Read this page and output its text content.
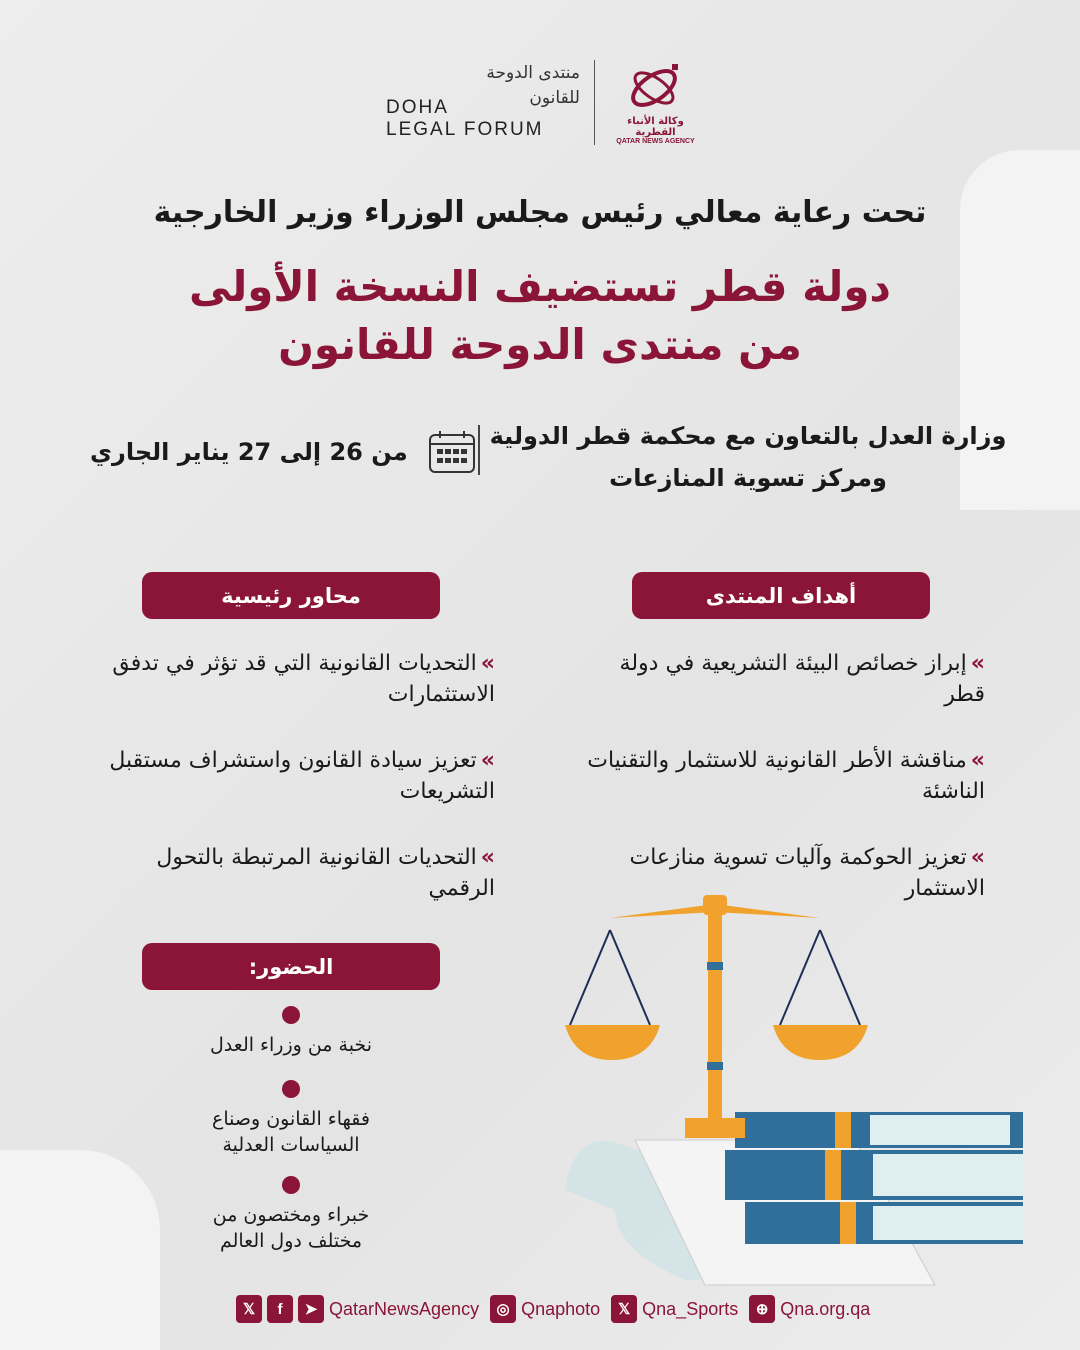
منتدى الدوحة
للقانون
DOHA
LEGAL FORUM	وكالة الأنباء القطرية
QATAR NEWS AGENCY
تحت رعاية معالي رئيس مجلس الوزراء وزير الخارجية
دولة قطر تستضيف النسخة الأولى
من منتدى الدوحة للقانون
وزارة العدل بالتعاون مع محكمة قطر الدولية
ومركز تسوية المنازعات
من 26 إلى 27 يناير الجاري
أهداف المنتدى
محاور رئيسية
»إبراز خصائص البيئة التشريعية في دولة قطر
»مناقشة الأطر القانونية للاستثمار والتقنيات الناشئة
»تعزيز الحوكمة وآليات تسوية منازعات الاستثمار
»التحديات القانونية التي قد تؤثر في تدفق الاستثمارات
»تعزيز سيادة القانون واستشراف مستقبل التشريعات
»التحديات القانونية المرتبطة بالتحول الرقمي
الحضور:
نخبة من وزراء العدل
فقهاء القانون وصناع السياسات العدلية
خبراء ومختصون من مختلف دول العالم
𝕏	f	➤ QatarNewsAgency	◎ Qnaphoto	𝕏 Qna_Sports	⊕ Qna.org.qa
